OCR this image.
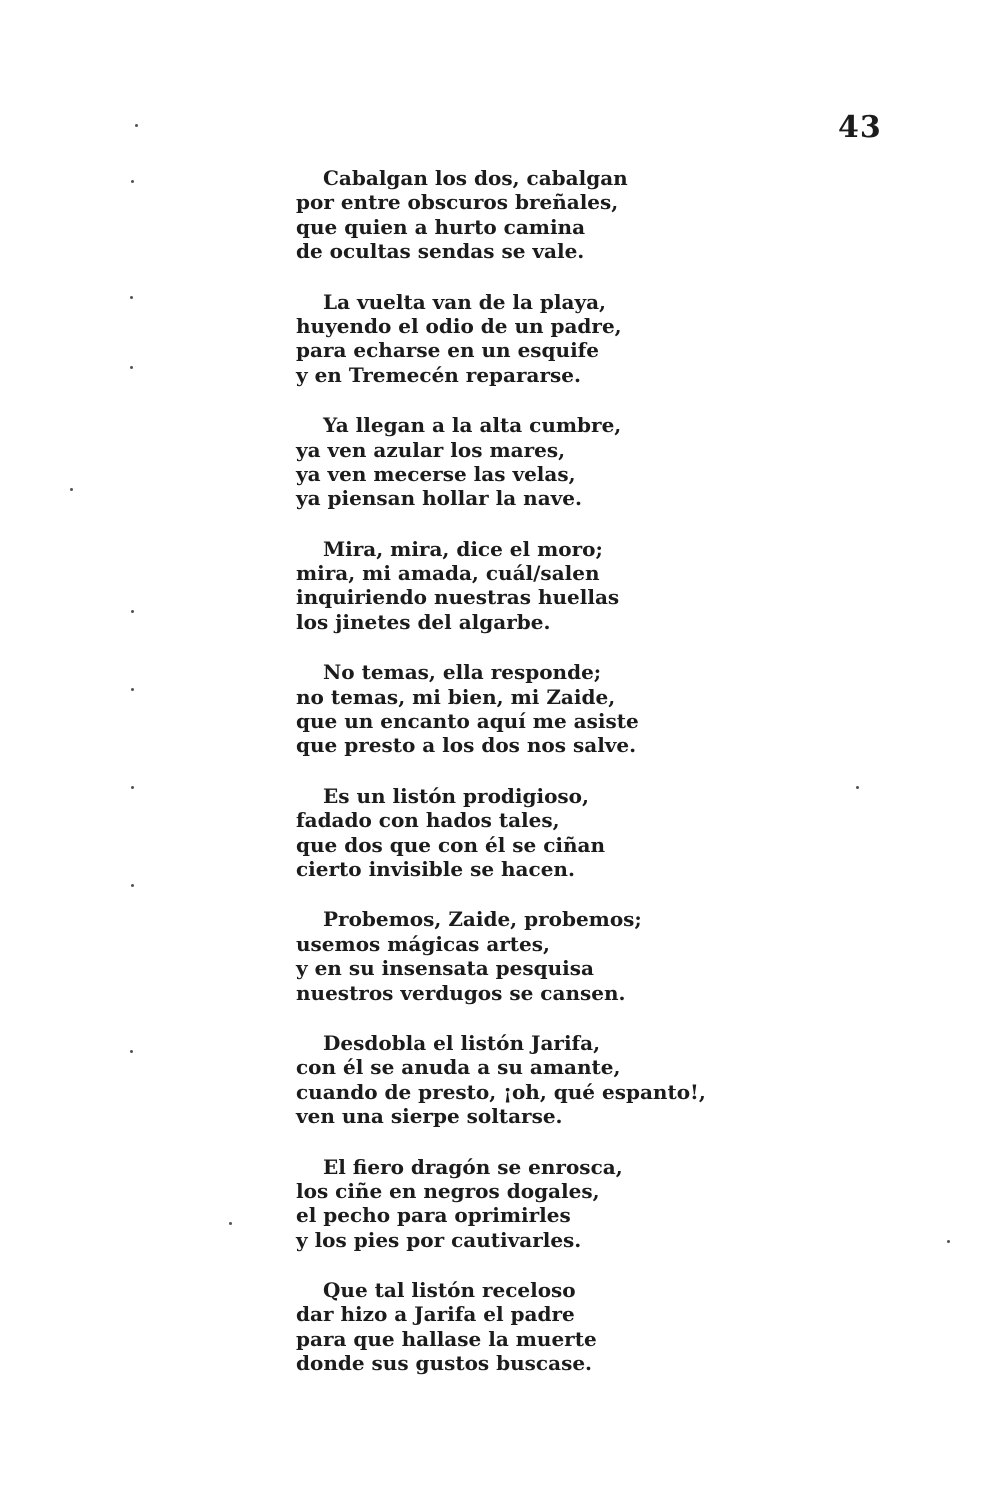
43
Cabalgan los dos, cabalgan
por entre obscuros breñales,
que quien a hurto camina
de ocultas sendas se vale.
La vuelta van de la playa,
huyendo el odio de un padre,
para echarse en un esquife
y en Tremecén repararse.
Ya llegan a la alta cumbre,
ya ven azular los mares,
ya ven mecerse las velas,
ya piensan hollar la nave.
Mira, mira, dice el moro;
mira, mi amada, cuál/salen
inquiriendo nuestras huellas
los jinetes del algarbe.
No temas, ella responde;
no temas, mi bien, mi Zaide,
que un encanto aquí me asiste
que presto a los dos nos salve.
Es un listón prodigioso,
fadado con hados tales,
que dos que con él se ciñan
cierto invisible se hacen.
Probemos, Zaide, probemos;
usemos mágicas artes,
y en su insensata pesquisa
nuestros verdugos se cansen.
Desdobla el listón Jarifa,
con él se anuda a su amante,
cuando de presto, ¡oh, qué espanto!,
ven una sierpe soltarse.
El fiero dragón se enrosca,
los ciñe en negros dogales,
el pecho para oprimirles
y los pies por cautivarles.
Que tal listón receloso
dar hizo a Jarifa el padre
para que hallase la muerte
donde sus gustos buscase.
